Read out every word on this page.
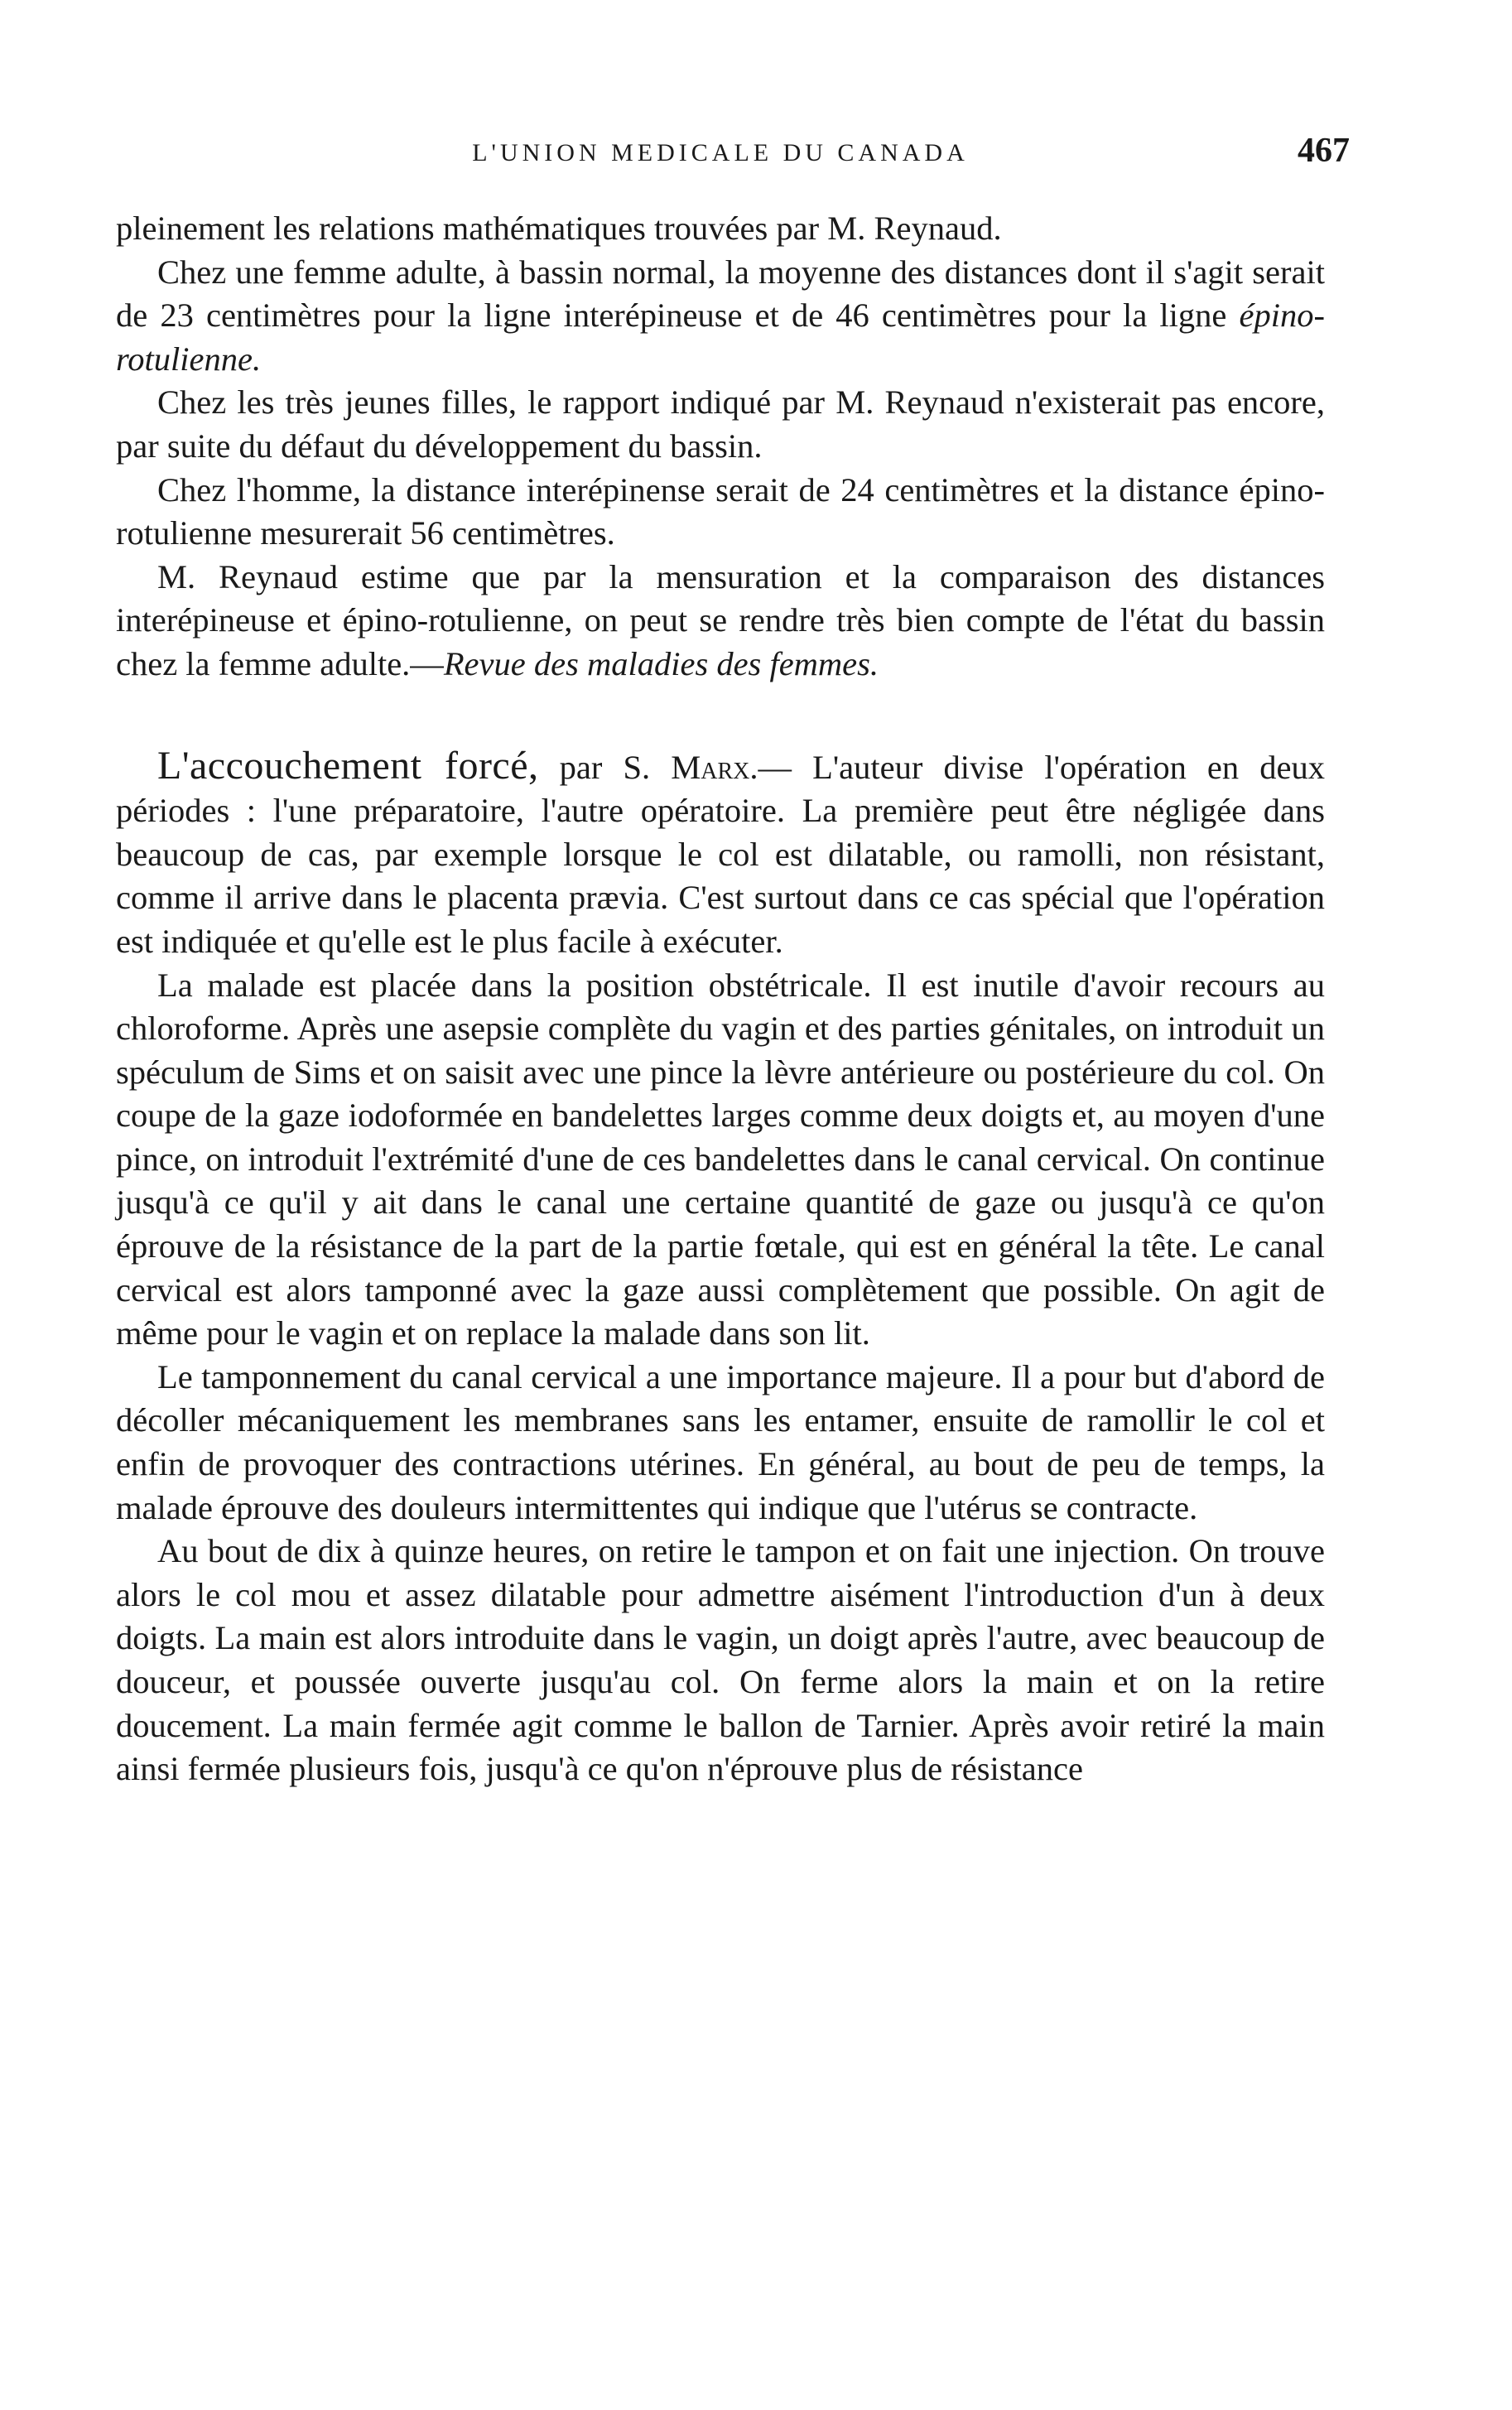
L'UNION MEDICALE DU CANADA	467

pleinement les relations mathématiques trouvées par M. Reynaud.

Chez une femme adulte, à bassin normal, la moyenne des distances dont il s'agit serait de 23 centimètres pour la ligne interépineuse et de 46 centimètres pour la ligne épino-rotulienne.

Chez les très jeunes filles, le rapport indiqué par M. Reynaud n'existerait pas encore, par suite du défaut du développement du bassin.

Chez l'homme, la distance interépinense serait de 24 centimètres et la distance épino-rotulienne mesurerait 56 centimètres.

M. Reynaud estime que par la mensuration et la comparaison des distances interépineuse et épino-rotulienne, on peut se rendre très bien compte de l'état du bassin chez la femme adulte.—Revue des maladies des femmes.

L'accouchement forcé, par S. Marx.— L'auteur divise l'opération en deux périodes : l'une préparatoire, l'autre opératoire. La première peut être négligée dans beaucoup de cas, par exemple lorsque le col est dilatable, ou ramolli, non résistant, comme il arrive dans le placenta prævia. C'est surtout dans ce cas spécial que l'opération est indiquée et qu'elle est le plus facile à exécuter.

La malade est placée dans la position obstétricale. Il est inutile d'avoir recours au chloroforme. Après une asepsie complète du vagin et des parties génitales, on introduit un spéculum de Sims et on saisit avec une pince la lèvre antérieure ou postérieure du col. On coupe de la gaze iodoformée en bandelettes larges comme deux doigts et, au moyen d'une pince, on introduit l'extrémité d'une de ces bandelettes dans le canal cervical. On continue jusqu'à ce qu'il y ait dans le canal une certaine quantité de gaze ou jusqu'à ce qu'on éprouve de la résistance de la part de la partie fœtale, qui est en général la tête. Le canal cervical est alors tamponné avec la gaze aussi complètement que possible. On agit de même pour le vagin et on replace la malade dans son lit.

Le tamponnement du canal cervical a une importance majeure. Il a pour but d'abord de décoller mécaniquement les membranes sans les entamer, ensuite de ramollir le col et enfin de provoquer des contractions utérines. En général, au bout de peu de temps, la malade éprouve des douleurs intermittentes qui indique que l'utérus se contracte.

Au bout de dix à quinze heures, on retire le tampon et on fait une injection. On trouve alors le col mou et assez dilatable pour admettre aisément l'introduction d'un à deux doigts. La main est alors introduite dans le vagin, un doigt après l'autre, avec beaucoup de douceur, et poussée ouverte jusqu'au col. On ferme alors la main et on la retire doucement. La main fermée agit comme le ballon de Tarnier. Après avoir retiré la main ainsi fermée plusieurs fois, jusqu'à ce qu'on n'éprouve plus de résistance
